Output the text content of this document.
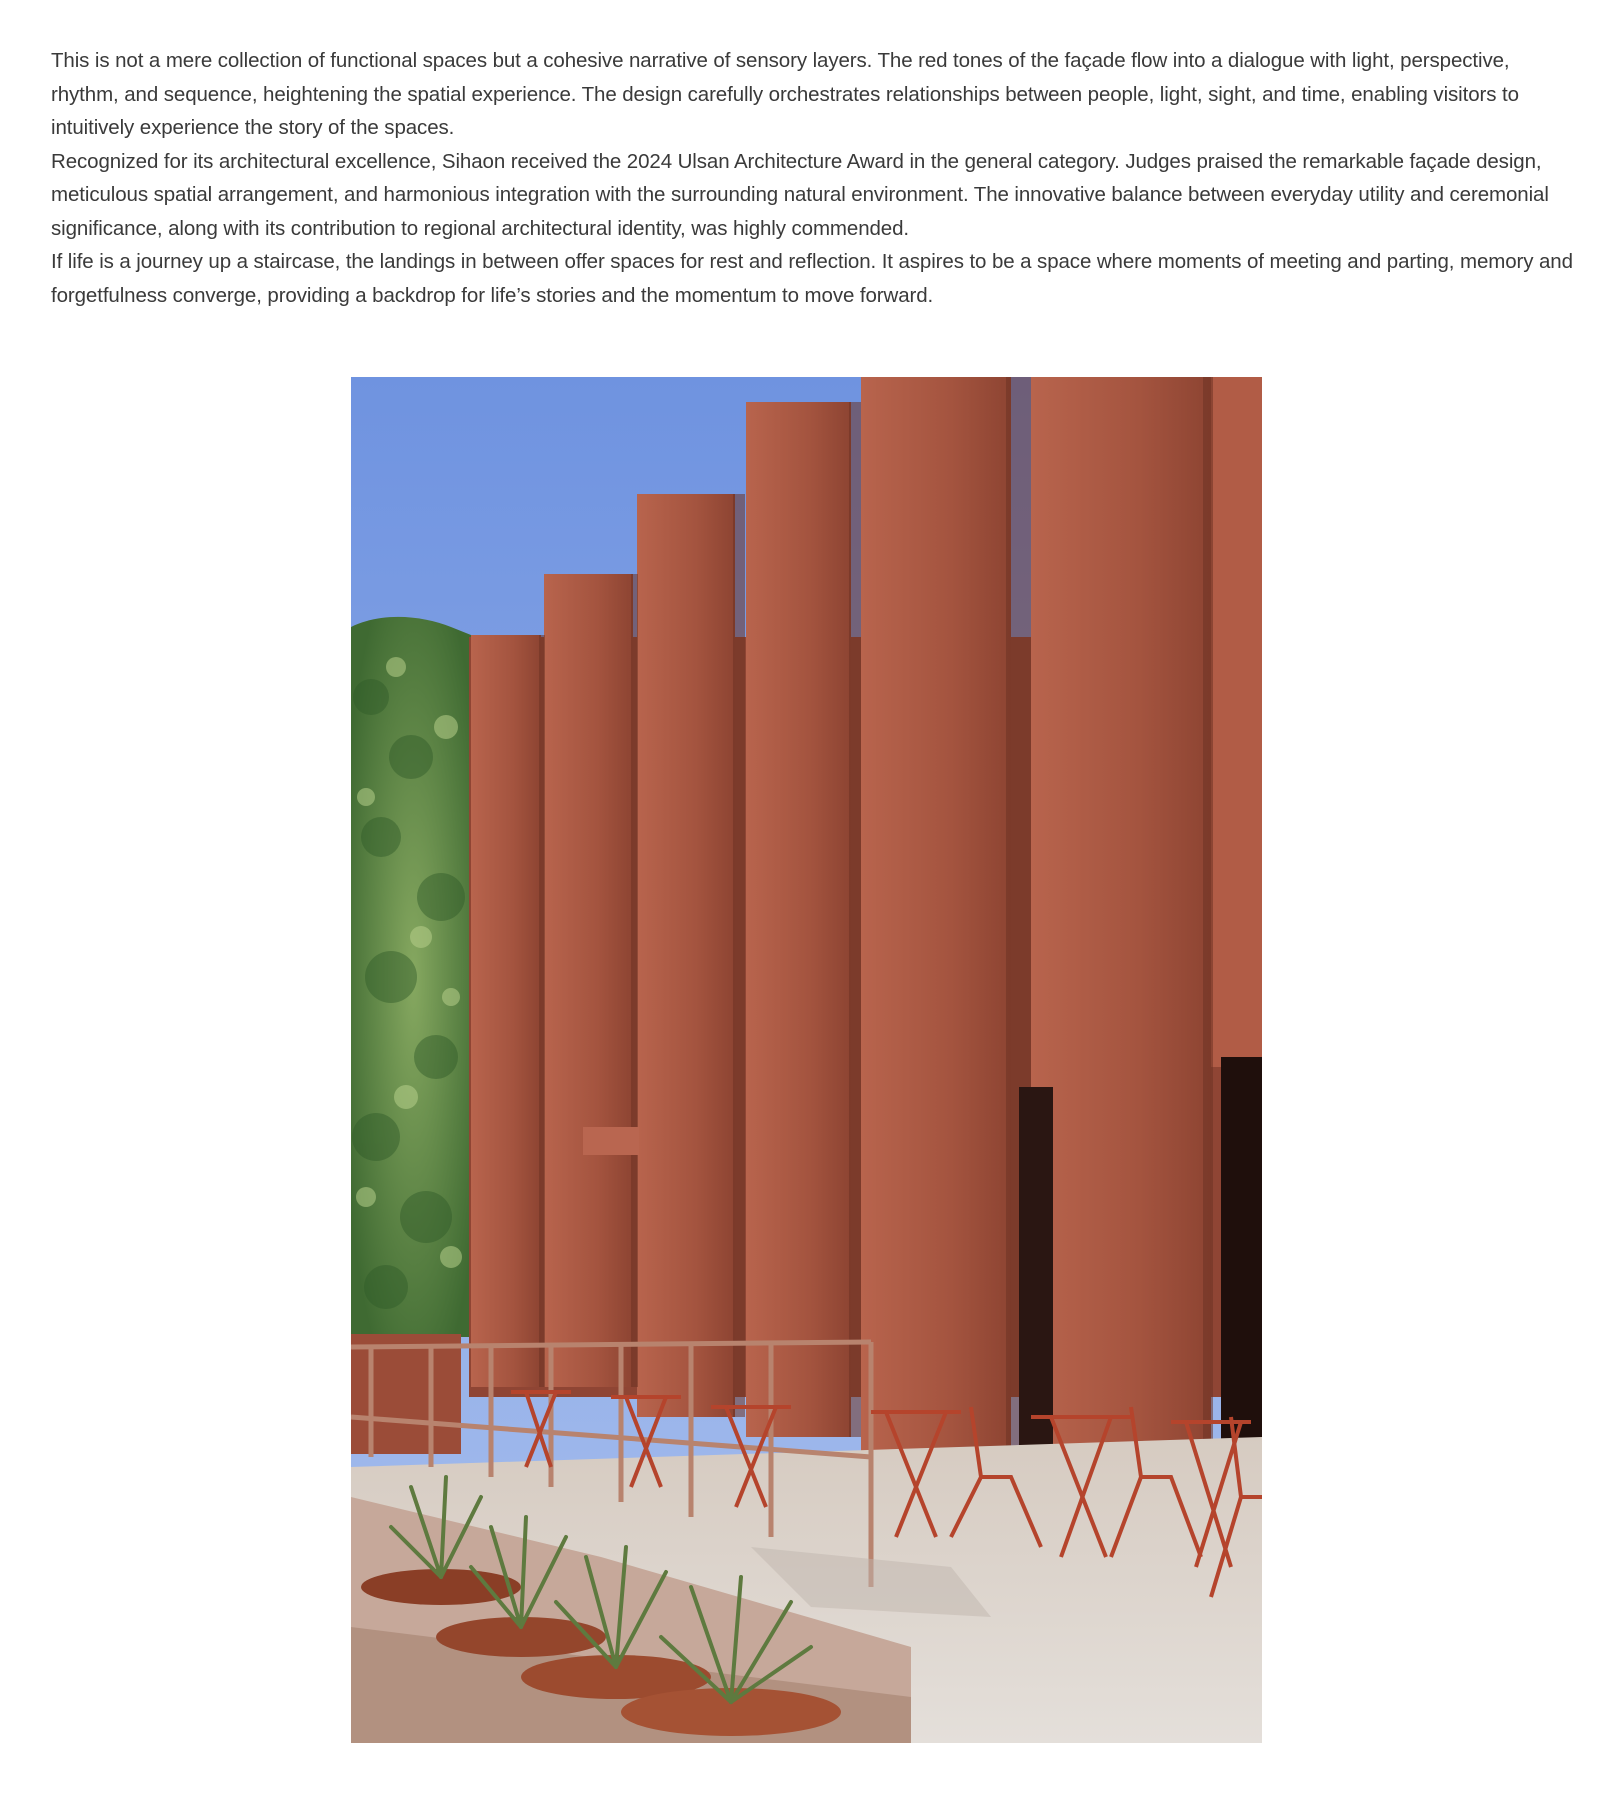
This is not a mere collection of functional spaces but a cohesive narrative of sensory layers. The red tones of the façade flow into a dialogue with light, perspective, rhythm, and sequence, heightening the spatial experience. The design carefully orchestrates relationships between people, light, sight, and time, enabling visitors to intuitively experience the story of the spaces.

Recognized for its architectural excellence, Sihaon received the 2024 Ulsan Architecture Award in the general category. Judges praised the remarkable façade design, meticulous spatial arrangement, and harmonious integration with the surrounding natural environment. The innovative balance between everyday utility and ceremonial significance, along with its contribution to regional architectural identity, was highly commended.

If life is a journey up a staircase, the landings in between offer spaces for rest and reflection. It aspires to be a space where moments of meeting and parting, memory and forgetfulness converge, providing a backdrop for life’s stories and the momentum to move forward.
